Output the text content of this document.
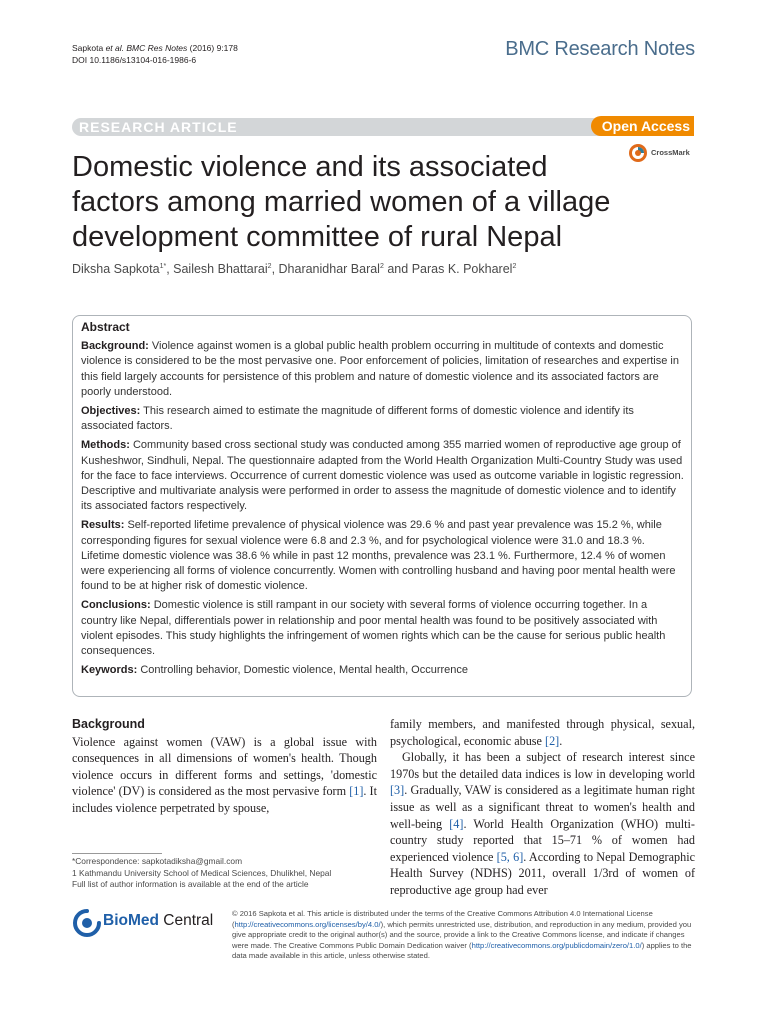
Sapkota et al. BMC Res Notes (2016) 9:178
DOI 10.1186/s13104-016-1986-6	BMC Research Notes
RESEARCH ARTICLE	Open Access
CrossMark
Domestic violence and its associated
factors among married women of a village
development committee of rural Nepal
Diksha Sapkota$^{1*}$, Sailesh Bhattarai$^2$, Dharanidhar Baral$^2$ and Paras K. Pokharel$^2$
Abstract

Background: Violence against women is a global public health problem occurring in multitude of contexts and domestic violence is considered to be the most pervasive one. Poor enforcement of policies, limitation of researches and expertise in this field largely accounts for persistence of this problem and nature of domestic violence and its associated factors are poorly understood.

Objectives: This research aimed to estimate the magnitude of different forms of domestic violence and identify its associated factors.

Methods: Community based cross sectional study was conducted among 355 married women of reproductive age group of Kusheshwor, Sindhuli, Nepal. The questionnaire adapted from the World Health Organization Multi-Country Study was used for the face to face interviews. Occurrence of current domestic violence was used as outcome variable in logistic regression. Descriptive and multivariate analysis were performed in order to assess the magnitude of domestic violence and to identify its associated factors respectively.

Results: Self-reported lifetime prevalence of physical violence was 29.6 % and past year prevalence was 15.2 %, while corresponding figures for sexual violence were 6.8 and 2.3 %, and for psychological violence were 31.0 and 18.3 %. Lifetime domestic violence was 38.6 % while in past 12 months, prevalence was 23.1 %. Furthermore, 12.4 % of women were experiencing all forms of violence concurrently. Women with controlling husband and having poor mental health were found to be at higher risk of domestic violence.

Conclusions: Domestic violence is still rampant in our society with several forms of violence occurring together. In a country like Nepal, differentials power in relationship and poor mental health was found to be positively associated with violent episodes. This study highlights the infringement of women rights which can be the cause for serious public health consequences.

Keywords: Controlling behavior, Domestic violence, Mental health, Occurrence

Background

Violence against women (VAW) is a global issue with consequences in all dimensions of women's health. Though violence occurs in different forms and settings, 'domestic violence' (DV) is considered as the most pervasive form [1]. It includes violence perpetrated by spouse,

family members, and manifested through physical, sexual, psychological, economic abuse [2].

Globally, it has been a subject of research interest since 1970s but the detailed data indices is low in developing world [3]. Gradually, VAW is considered as a legitimate human right issue as well as a significant threat to women's health and well-being [4]. World Health Organization (WHO) multi-country study reported that 15–71 % of women had experienced violence [5, 6]. According to Nepal Demographic Health Survey (NDHS) 2011, overall 1/3rd of women of reproductive age group had ever

*Correspondence: sapkotadiksha@gmail.com
1 Kathmandu University School of Medical Sciences, Dhulikhel, Nepal
Full list of author information is available at the end of the article
BioMed Central © 2016 Sapkota et al. This article is distributed under the terms of the Creative Commons Attribution 4.0 International License (http://creativecommons.org/licenses/by/4.0/), which permits unrestricted use, distribution, and reproduction in any medium, provided you give appropriate credit to the original author(s) and the source, provide a link to the Creative Commons license, and indicate if changes were made. The Creative Commons Public Domain Dedication waiver (http://creativecommons.org/publicdomain/zero/1.0/) applies to the data made available in this article, unless otherwise stated.
